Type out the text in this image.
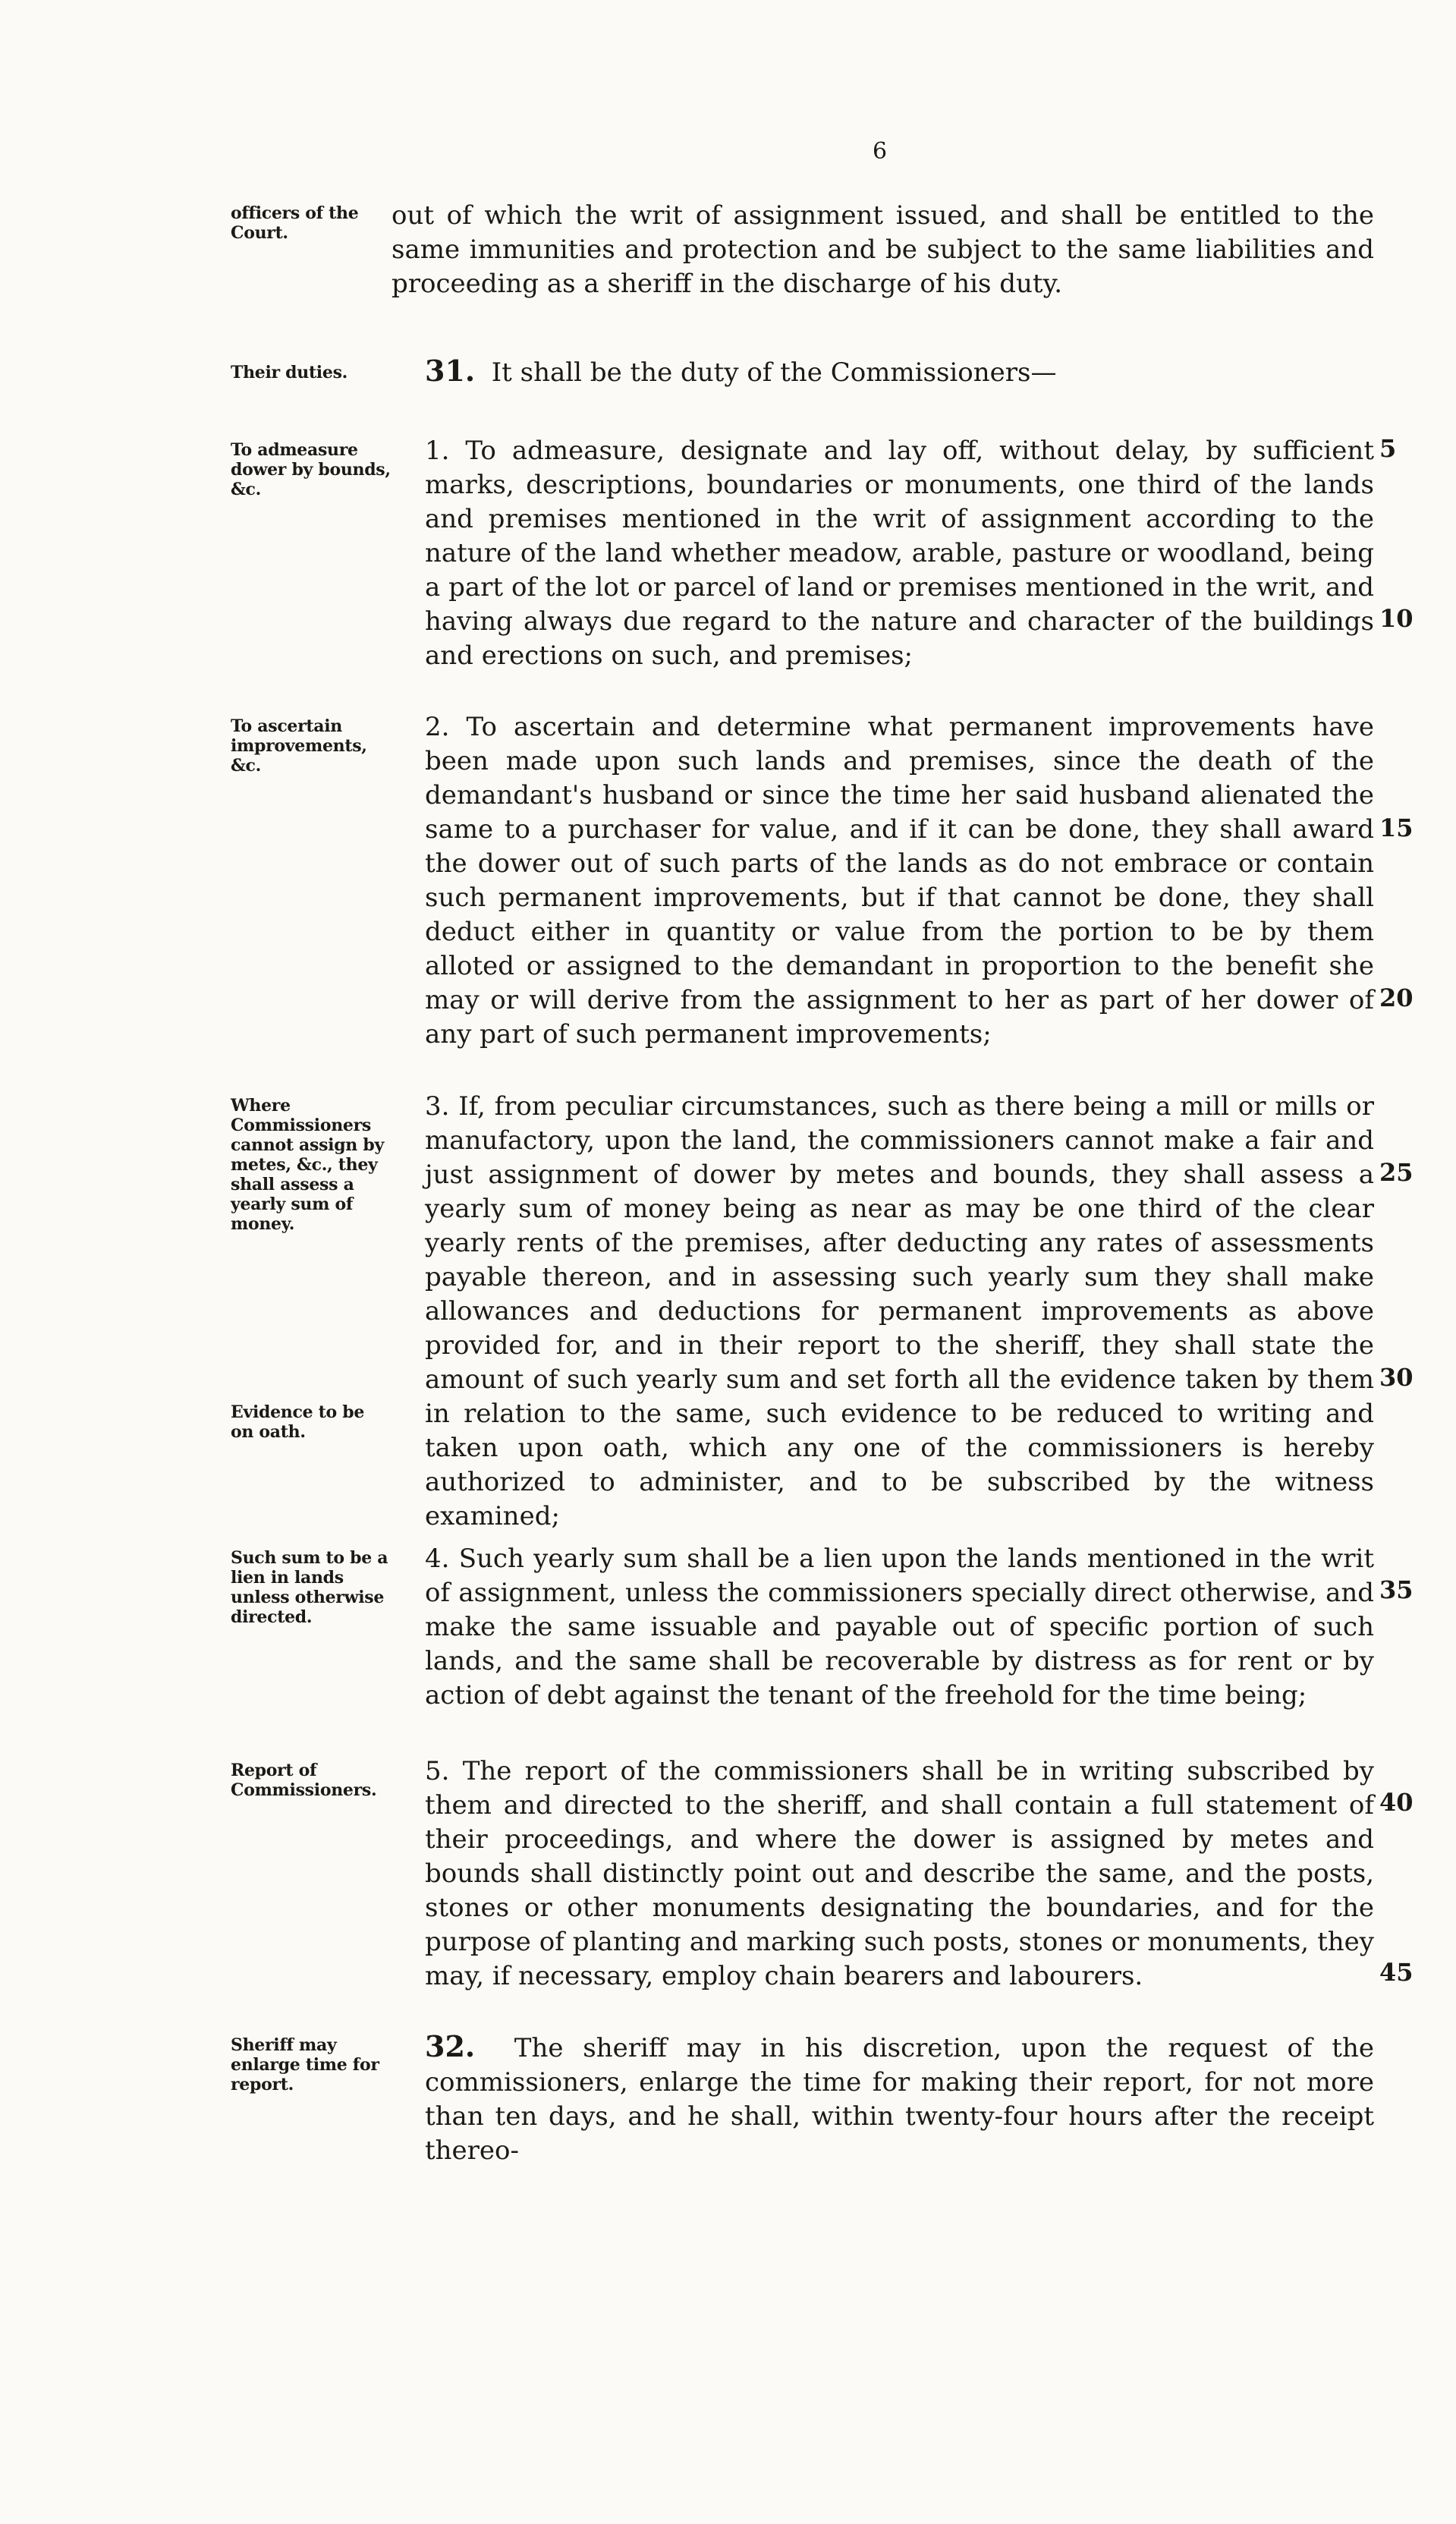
6
officers of the Court.

out of which the writ of assignment issued, and shall be entitled to the same immunities and protection and be subject to the same liabilities and proceeding as a sheriff in the discharge of his duty.

Their duties.	31. It shall be the duty of the Commissioners—

To admeasure dower by bounds, &c.

1. To admeasure, designate and lay off, without delay, by sufficient marks, descriptions, boundaries or monuments, one third of the lands and premises mentioned in the writ of assignment according to the nature of the land whether meadow, arable, pasture or woodland, being a part of the lot or parcel of land or premises mentioned in the writ, and having always due regard to the nature and character of the buildings and erections on such, and premises;

To ascertain improvements, &c.

2. To ascertain and determine what permanent improvements have been made upon such lands and premises, since the death of the demandant's husband or since the time her said husband alienated the same to a purchaser for value, and if it can be done, they shall award the dower out of such parts of the lands as do not embrace or contain such permanent improvements, but if that cannot be done, they shall deduct either in quantity or value from the portion to be by them alloted or assigned to the demandant in proportion to the benefit she may or will derive from the assignment to her as part of her dower of any part of such permanent improvements;

Where Commissioners cannot assign by metes, &c., they shall assess a yearly sum of money.
Evidence to be on oath.

3. If, from peculiar circumstances, such as there being a mill or mills or manufactory, upon the land, the commissioners cannot make a fair and just assignment of dower by metes and bounds, they shall assess a yearly sum of money being as near as may be one third of the clear yearly rents of the premises, after deducting any rates of assessments payable thereon, and in assessing such yearly sum they shall make allowances and deductions for permanent improvements as above provided for, and in their report to the sheriff, they shall state the amount of such yearly sum and set forth all the evidence taken by them in relation to the same, such evidence to be reduced to writing and taken upon oath, which any one of the commissioners is hereby authorized to administer, and to be subscribed by the witness examined;

Such sum to be a lien in lands unless otherwise directed.

4. Such yearly sum shall be a lien upon the lands mentioned in the writ of assignment, unless the commissioners specially direct otherwise, and make the same issuable and payable out of specific portion of such lands, and the same shall be recoverable by distress as for rent or by action of debt against the tenant of the freehold for the time being;

Report of Commissioners.

5. The report of the commissioners shall be in writing subscribed by them and directed to the sheriff, and shall contain a full statement of their proceedings, and where the dower is assigned by metes and bounds shall distinctly point out and describe the same, and the posts, stones or other monuments designating the boundaries, and for the purpose of planting and marking such posts, stones or monuments, they may, if necessary, employ chain bearers and labourers.

Sheriff may enlarge time for report.

32. The sheriff may in his discretion, upon the request of the commissioners, enlarge the time for making their report, for not more than ten days, and he shall, within twenty-four hours after the receipt thereo-

5
10
15
20
25
30
35
40
45
